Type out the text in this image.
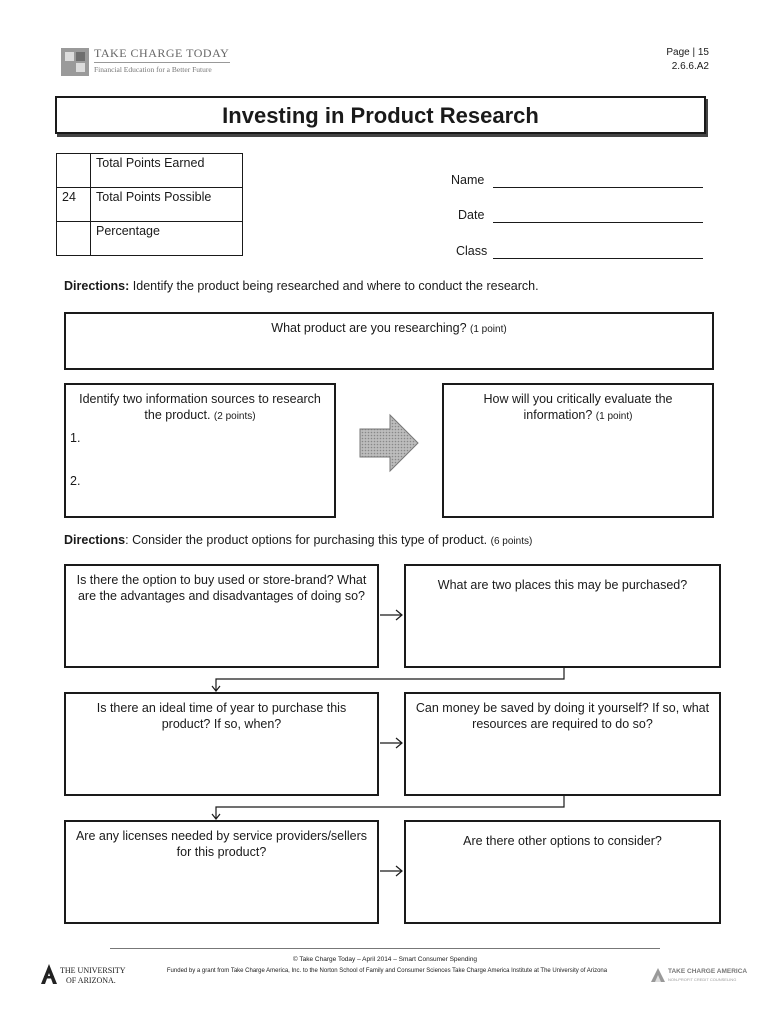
TAKE CHARGE TODAY
Financial Education for a Better Future
Page | 15
2.6.6.A2
Investing in Product Research
	Total Points Earned
24	Total Points Possible
	Percentage
Name
Date
Class
Directions: Identify the product being researched and where to conduct the research.
What product are you researching? (1 point)
Identify two information sources to research the product. (2 points)
1.
2.
How will you critically evaluate the information? (1 point)
Directions: Consider the product options for purchasing this type of product. (6 points)
Is there the option to buy used or store-brand? What are the advantages and disadvantages of doing so?
What are two places this may be purchased?
Is there an ideal time of year to purchase this product? If so, when?
Can money be saved by doing it yourself? If so, what resources are required to do so?
Are any licenses needed by service providers/sellers for this product?
Are there other options to consider?
© Take Charge Today – April 2014 – Smart Consumer Spending
Funded by a grant from Take Charge America, Inc. to the Norton School of Family and Consumer Sciences Take Charge America Institute at The University of Arizona
THE UNIVERSITY
OF ARIZONA.
TAKE CHARGE AMERICA
NON-PROFIT CREDIT COUNSELING
